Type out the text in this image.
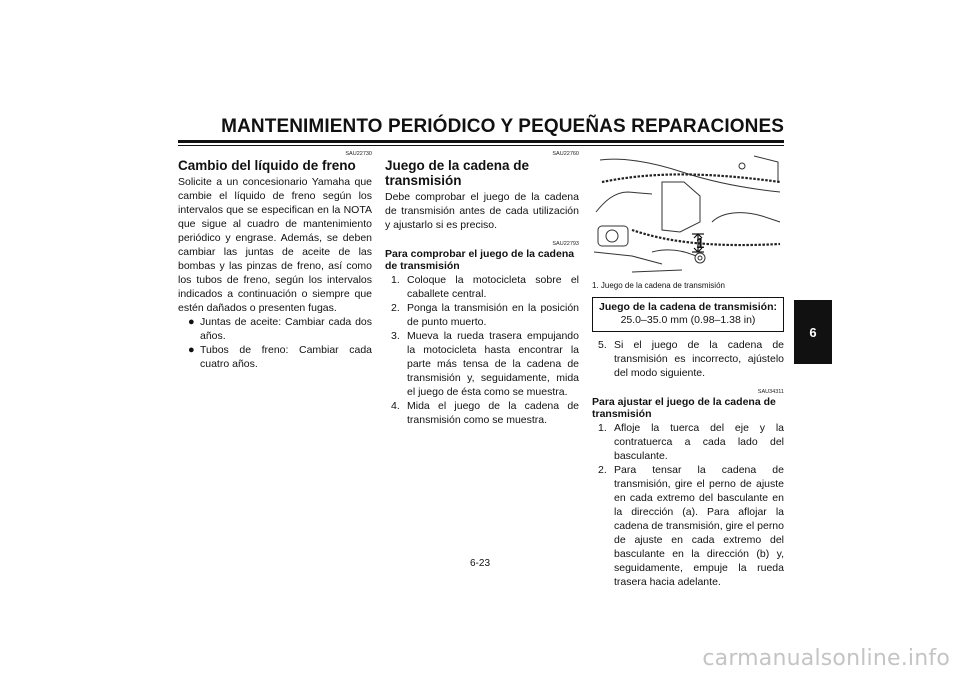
MANTENIMIENTO PERIÓDICO Y PEQUEÑAS REPARACIONES
6
SAU22730
Cambio del líquido de freno

Solicite a un concesionario Yamaha que cambie el líquido de freno según los intervalos que se especifican en la NOTA que sigue al cuadro de mantenimiento periódico y engrase. Además, se deben cambiar las juntas de aceite de las bombas y las pinzas de freno, así como los tubos de freno, según los intervalos indicados a continuación o siempre que estén dañados o presenten fugas.

● Juntas de aceite: Cambiar cada dos años.
● Tubos de freno: Cambiar cada cuatro años.
SAU22760
Juego de la cadena de transmisión

Debe comprobar el juego de la cadena de transmisión antes de cada utilización y ajustarlo si es preciso.

SAU22793
Para comprobar el juego de la cadena de transmisión
1. Coloque la motocicleta sobre el caballete central.
2. Ponga la transmisión en la posición de punto muerto.
3. Mueva la rueda trasera empujando la motocicleta hasta encontrar la parte más tensa de la cadena de transmisión y, seguidamente, mida el juego de ésta como se muestra.
4. Mida el juego de la cadena de transmisión como se muestra.
1
1. Juego de la cadena de transmisión
Juego de la cadena de transmisión:
25.0–35.0 mm (0.98–1.38 in)
5. Si el juego de la cadena de transmisión es incorrecto, ajústelo del modo siguiente.
SAU34311
Para ajustar el juego de la cadena de transmisión
1. Afloje la tuerca del eje y la contratuerca a cada lado del basculante.
2. Para tensar la cadena de transmisión, gire el perno de ajuste en cada extremo del basculante en la dirección (a). Para aflojar la cadena de transmisión, gire el perno de ajuste en cada extremo del basculante en la dirección (b) y, seguidamente, empuje la rueda trasera hacia adelante.
6-23
carmanualsonline.info
